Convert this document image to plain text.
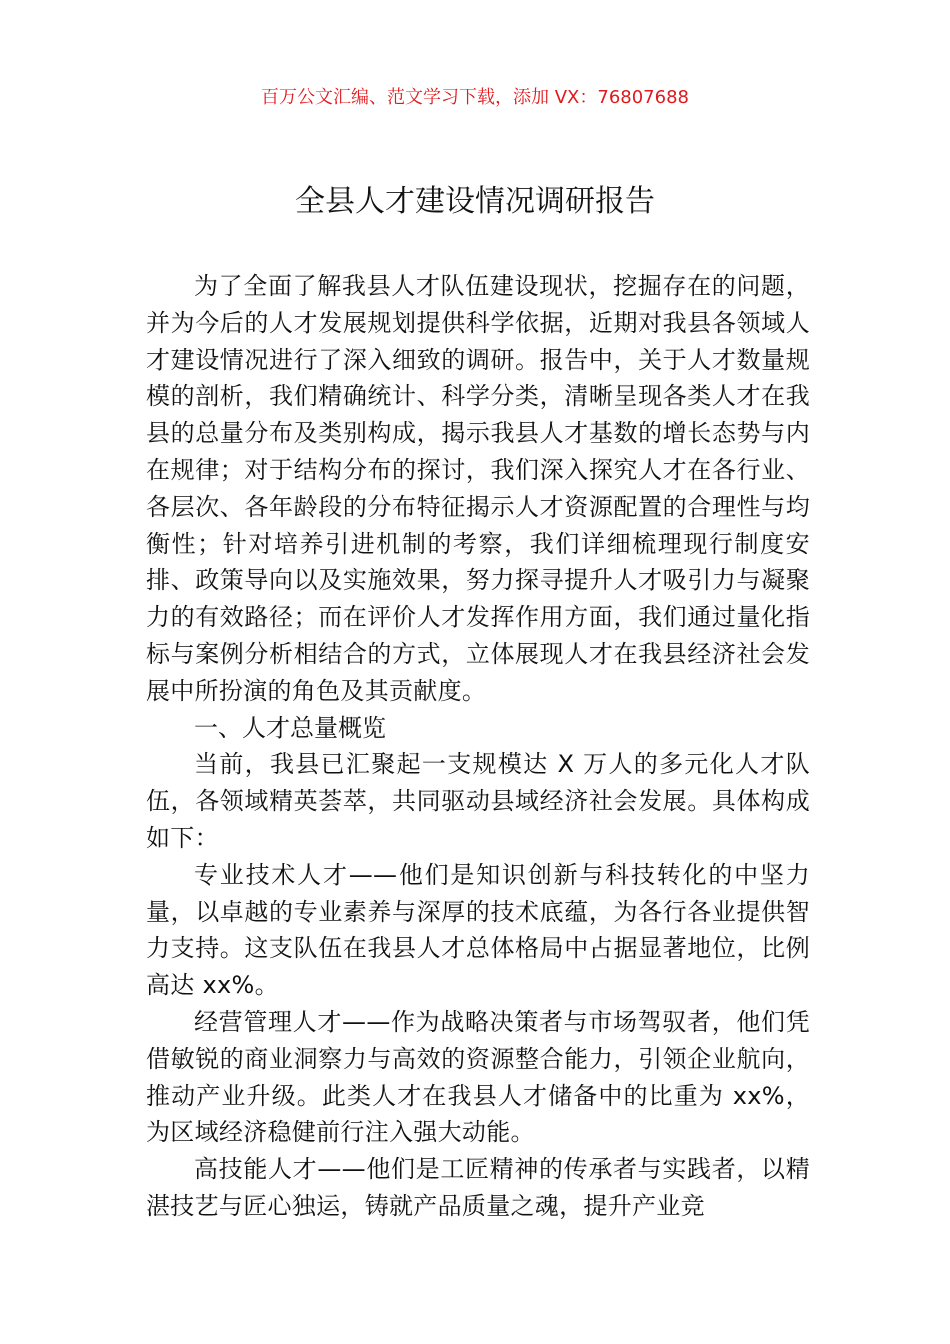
百万公文汇编、范文学习下载，添加 VX：76807688
全县人才建设情况调研报告

为了全面了解我县人才队伍建设现状，挖掘存在的问题，并为今后的人才发展规划提供科学依据，近期对我县各领域人才建设情况进行了深入细致的调研。报告中，关于人才数量规模的剖析，我们精确统计、科学分类，清晰呈现各类人才在我县的总量分布及类别构成，揭示我县人才基数的增长态势与内在规律；对于结构分布的探讨，我们深入探究人才在各行业、各层次、各年龄段的分布特征揭示人才资源配置的合理性与均衡性；针对培养引进机制的考察，我们详细梳理现行制度安排、政策导向以及实施效果，努力探寻提升人才吸引力与凝聚力的有效路径；而在评价人才发挥作用方面，我们通过量化指标与案例分析相结合的方式，立体展现人才在我县经济社会发展中所扮演的角色及其贡献度。

一、人才总量概览

当前，我县已汇聚起一支规模达 X 万人的多元化人才队伍，各领域精英荟萃，共同驱动县域经济社会发展。具体构成如下：

专业技术人才——他们是知识创新与科技转化的中坚力量，以卓越的专业素养与深厚的技术底蕴，为各行各业提供智力支持。这支队伍在我县人才总体格局中占据显著地位，比例高达 xx%。

经营管理人才——作为战略决策者与市场驾驭者，他们凭借敏锐的商业洞察力与高效的资源整合能力，引领企业航向，推动产业升级。此类人才在我县人才储备中的比重为 xx%，为区域经济稳健前行注入强大动能。

高技能人才——他们是工匠精神的传承者与实践者，以精湛技艺与匠心独运，铸就产品质量之魂，提升产业竞
